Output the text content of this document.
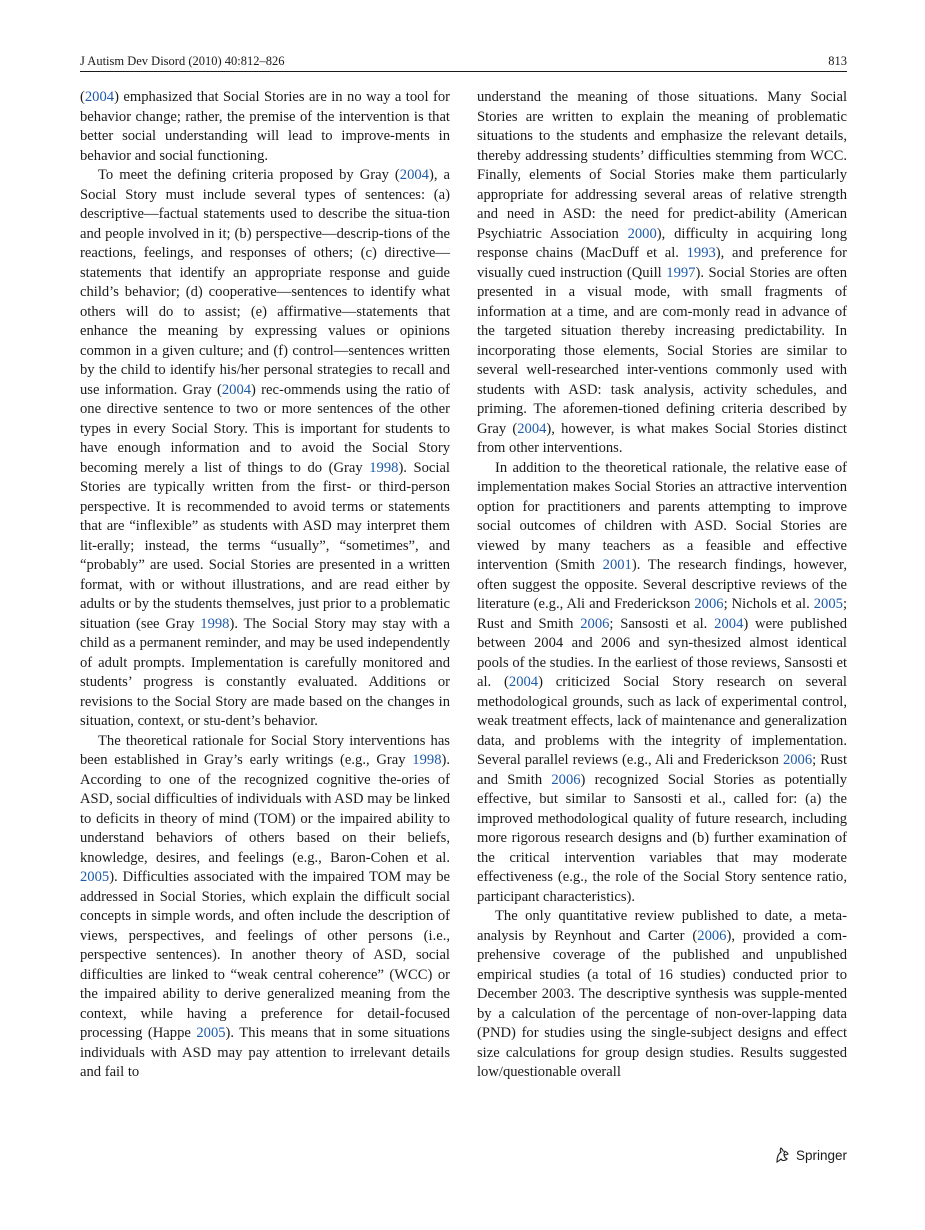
J Autism Dev Disord (2010) 40:812–826	813

(2004) emphasized that Social Stories are in no way a tool for behavior change; rather, the premise of the intervention is that better social understanding will lead to improve-ments in behavior and social functioning.

To meet the defining criteria proposed by Gray (2004), a Social Story must include several types of sentences: (a) descriptive—factual statements used to describe the situa-tion and people involved in it; (b) perspective—descrip-tions of the reactions, feelings, and responses of others; (c) directive—statements that identify an appropriate response and guide child’s behavior; (d) cooperative—sentences to identify what others will do to assist; (e) affirmative—statements that enhance the meaning by expressing values or opinions common in a given culture; and (f) control—sentences written by the child to identify his/her personal strategies to recall and use information. Gray (2004) rec-ommends using the ratio of one directive sentence to two or more sentences of the other types in every Social Story. This is important for students to have enough information and to avoid the Social Story becoming merely a list of things to do (Gray 1998). Social Stories are typically written from the first- or third-person perspective. It is recommended to avoid terms or statements that are “inflexible” as students with ASD may interpret them lit-erally; instead, the terms “usually”, “sometimes”, and “probably” are used. Social Stories are presented in a written format, with or without illustrations, and are read either by adults or by the students themselves, just prior to a problematic situation (see Gray 1998). The Social Story may stay with a child as a permanent reminder, and may be used independently of adult prompts. Implementation is carefully monitored and students’ progress is constantly evaluated. Additions or revisions to the Social Story are made based on the changes in situation, context, or stu-dent’s behavior.

The theoretical rationale for Social Story interventions has been established in Gray’s early writings (e.g., Gray 1998). According to one of the recognized cognitive the-ories of ASD, social difficulties of individuals with ASD may be linked to deficits in theory of mind (TOM) or the impaired ability to understand behaviors of others based on their beliefs, knowledge, desires, and feelings (e.g., Baron-Cohen et al. 2005). Difficulties associated with the impaired TOM may be addressed in Social Stories, which explain the difficult social concepts in simple words, and often include the description of views, perspectives, and feelings of other persons (i.e., perspective sentences). In another theory of ASD, social difficulties are linked to “weak central coherence” (WCC) or the impaired ability to derive generalized meaning from the context, while having a preference for detail-focused processing (Happe 2005). This means that in some situations individuals with ASD may pay attention to irrelevant details and fail to

understand the meaning of those situations. Many Social Stories are written to explain the meaning of problematic situations to the students and emphasize the relevant details, thereby addressing students’ difficulties stemming from WCC. Finally, elements of Social Stories make them particularly appropriate for addressing several areas of relative strength and need in ASD: the need for predict-ability (American Psychiatric Association 2000), difficulty in acquiring long response chains (MacDuff et al. 1993), and preference for visually cued instruction (Quill 1997). Social Stories are often presented in a visual mode, with small fragments of information at a time, and are com-monly read in advance of the targeted situation thereby increasing predictability. In incorporating those elements, Social Stories are similar to several well-researched inter-ventions commonly used with students with ASD: task analysis, activity schedules, and priming. The aforemen-tioned defining criteria described by Gray (2004), however, is what makes Social Stories distinct from other interventions.

In addition to the theoretical rationale, the relative ease of implementation makes Social Stories an attractive intervention option for practitioners and parents attempting to improve social outcomes of children with ASD. Social Stories are viewed by many teachers as a feasible and effective intervention (Smith 2001). The research findings, however, often suggest the opposite. Several descriptive reviews of the literature (e.g., Ali and Frederickson 2006; Nichols et al. 2005; Rust and Smith 2006; Sansosti et al. 2004) were published between 2004 and 2006 and syn-thesized almost identical pools of the studies. In the earliest of those reviews, Sansosti et al. (2004) criticized Social Story research on several methodological grounds, such as lack of experimental control, weak treatment effects, lack of maintenance and generalization data, and problems with the integrity of implementation. Several parallel reviews (e.g., Ali and Frederickson 2006; Rust and Smith 2006) recognized Social Stories as potentially effective, but similar to Sansosti et al., called for: (a) the improved methodological quality of future research, including more rigorous research designs and (b) further examination of the critical intervention variables that may moderate effectiveness (e.g., the role of the Social Story sentence ratio, participant characteristics).

The only quantitative review published to date, a meta-analysis by Reynhout and Carter (2006), provided a com-prehensive coverage of the published and unpublished empirical studies (a total of 16 studies) conducted prior to December 2003. The descriptive synthesis was supple-mented by a calculation of the percentage of non-over-lapping data (PND) for studies using the single-subject designs and effect size calculations for group design studies. Results suggested low/questionable overall

Springer
